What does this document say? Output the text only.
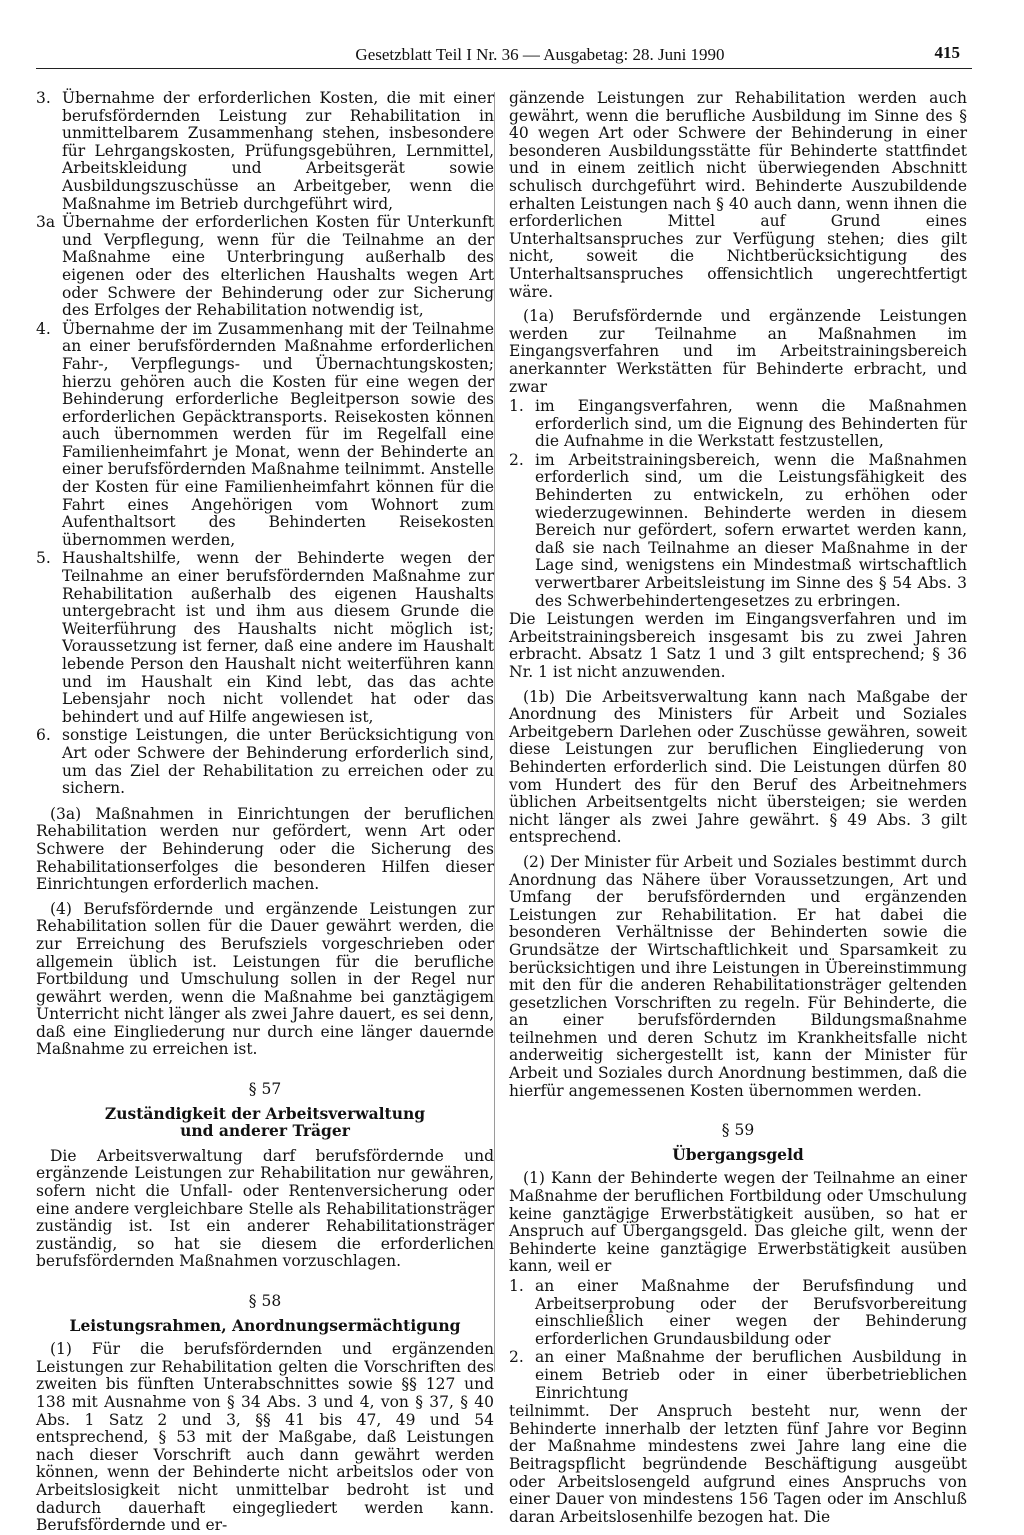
Gesetzblatt Teil I Nr. 36 — Ausgabetag: 28. Juni 1990	415
3. Übernahme der erforderlichen Kosten, die mit einer berufsfördernden Leistung zur Rehabilitation in unmittelbarem Zusammenhang stehen, insbesondere für Lehrgangskosten, Prüfungsgebühren, Lernmittel, Arbeitskleidung und Arbeitsgerät sowie Ausbildungszuschüsse an Arbeitgeber, wenn die Maßnahme im Betrieb durchgeführt wird,
3a Übernahme der erforderlichen Kosten für Unterkunft und Verpflegung, wenn für die Teilnahme an der Maßnahme eine Unterbringung außerhalb des eigenen oder des elterlichen Haushalts wegen Art oder Schwere der Behinderung oder zur Sicherung des Erfolges der Rehabilitation notwendig ist,
4. Übernahme der im Zusammenhang mit der Teilnahme an einer berufsfördernden Maßnahme erforderlichen Fahr-, Verpflegungs- und Übernachtungskosten; hierzu gehören auch die Kosten für eine wegen der Behinderung erforderliche Begleitperson sowie des erforderlichen Gepäcktransports. Reisekosten können auch übernommen werden für im Regelfall eine Familienheimfahrt je Monat, wenn der Behinderte an einer berufsfördernden Maßnahme teilnimmt. Anstelle der Kosten für eine Familienheimfahrt können für die Fahrt eines Angehörigen vom Wohnort zum Aufenthaltsort des Behinderten Reisekosten übernommen werden,
5. Haushaltshilfe, wenn der Behinderte wegen der Teilnahme an einer berufsfördernden Maßnahme zur Rehabilitation außerhalb des eigenen Haushalts untergebracht ist und ihm aus diesem Grunde die Weiterführung des Haushalts nicht möglich ist; Voraussetzung ist ferner, daß eine andere im Haushalt lebende Person den Haushalt nicht weiterführen kann und im Haushalt ein Kind lebt, das das achte Lebensjahr noch nicht vollendet hat oder das behindert und auf Hilfe angewiesen ist,
6. sonstige Leistungen, die unter Berücksichtigung von Art oder Schwere der Behinderung erforderlich sind, um das Ziel der Rehabilitation zu erreichen oder zu sichern.

(3a) Maßnahmen in Einrichtungen der beruflichen Rehabilitation werden nur gefördert, wenn Art oder Schwere der Behinderung oder die Sicherung des Rehabilitationserfolges die besonderen Hilfen dieser Einrichtungen erforderlich machen.

(4) Berufsfördernde und ergänzende Leistungen zur Rehabilitation sollen für die Dauer gewährt werden, die zur Erreichung des Berufsziels vorgeschrieben oder allgemein üblich ist. Leistungen für die berufliche Fortbildung und Umschulung sollen in der Regel nur gewährt werden, wenn die Maßnahme bei ganztägigem Unterricht nicht länger als zwei Jahre dauert, es sei denn, daß eine Eingliederung nur durch eine länger dauernde Maßnahme zu erreichen ist.

§ 57
Zuständigkeit der Arbeitsverwaltung
und anderer Träger

Die Arbeitsverwaltung darf berufsfördernde und ergänzende Leistungen zur Rehabilitation nur gewähren, sofern nicht die Unfall- oder Rentenversicherung oder eine andere vergleichbare Stelle als Rehabilitationsträger zuständig ist. Ist ein anderer Rehabilitationsträger zuständig, so hat sie diesem die erforderlichen berufsfördernden Maßnahmen vorzuschlagen.

§ 58
Leistungsrahmen, Anordnungsermächtigung

(1) Für die berufsfördernden und ergänzenden Leistungen zur Rehabilitation gelten die Vorschriften des zweiten bis fünften Unterabschnittes sowie §§ 127 und 138 mit Ausnahme von § 34 Abs. 3 und 4, von § 37, § 40 Abs. 1 Satz 2 und 3, §§ 41 bis 47, 49 und 54 entsprechend, § 53 mit der Maßgabe, daß Leistungen nach dieser Vorschrift auch dann gewährt werden können, wenn der Behinderte nicht arbeitslos oder von Arbeitslosigkeit nicht unmittelbar bedroht ist und dadurch dauerhaft eingegliedert werden kann. Berufsfördernde und er-

gänzende Leistungen zur Rehabilitation werden auch gewährt, wenn die berufliche Ausbildung im Sinne des § 40 wegen Art oder Schwere der Behinderung in einer besonderen Ausbildungsstätte für Behinderte stattfindet und in einem zeitlich nicht überwiegenden Abschnitt schulisch durchgeführt wird. Behinderte Auszubildende erhalten Leistungen nach § 40 auch dann, wenn ihnen die erforderlichen Mittel auf Grund eines Unterhaltsanspruches zur Verfügung stehen; dies gilt nicht, soweit die Nichtberücksichtigung des Unterhaltsanspruches offensichtlich ungerechtfertigt wäre.

(1a) Berufsfördernde und ergänzende Leistungen werden zur Teilnahme an Maßnahmen im Eingangsverfahren und im Arbeitstrainingsbereich anerkannter Werkstätten für Behinderte erbracht, und zwar

1. im Eingangsverfahren, wenn die Maßnahmen erforderlich sind, um die Eignung des Behinderten für die Aufnahme in die Werkstatt festzustellen,
2. im Arbeitstrainingsbereich, wenn die Maßnahmen erforderlich sind, um die Leistungsfähigkeit des Behinderten zu entwickeln, zu erhöhen oder wiederzugewinnen. Behinderte werden in diesem Bereich nur gefördert, sofern erwartet werden kann, daß sie nach Teilnahme an dieser Maßnahme in der Lage sind, wenigstens ein Mindestmaß wirtschaftlich verwertbarer Arbeitsleistung im Sinne des § 54 Abs. 3 des Schwerbehindertengesetzes zu erbringen.

Die Leistungen werden im Eingangsverfahren und im Arbeitstrainingsbereich insgesamt bis zu zwei Jahren erbracht. Absatz 1 Satz 1 und 3 gilt entsprechend; § 36 Nr. 1 ist nicht anzuwenden.

(1b) Die Arbeitsverwaltung kann nach Maßgabe der Anordnung des Ministers für Arbeit und Soziales Arbeitgebern Darlehen oder Zuschüsse gewähren, soweit diese Leistungen zur beruflichen Eingliederung von Behinderten erforderlich sind. Die Leistungen dürfen 80 vom Hundert des für den Beruf des Arbeitnehmers üblichen Arbeitsentgelts nicht übersteigen; sie werden nicht länger als zwei Jahre gewährt. § 49 Abs. 3 gilt entsprechend.

(2) Der Minister für Arbeit und Soziales bestimmt durch Anordnung das Nähere über Voraussetzungen, Art und Umfang der berufsfördernden und ergänzenden Leistungen zur Rehabilitation. Er hat dabei die besonderen Verhältnisse der Behinderten sowie die Grundsätze der Wirtschaftlichkeit und Sparsamkeit zu berücksichtigen und ihre Leistungen in Übereinstimmung mit den für die anderen Rehabilitationsträger geltenden gesetzlichen Vorschriften zu regeln. Für Behinderte, die an einer berufsfördernden Bildungsmaßnahme teilnehmen und deren Schutz im Krankheitsfalle nicht anderweitig sichergestellt ist, kann der Minister für Arbeit und Soziales durch Anordnung bestimmen, daß die hierfür angemessenen Kosten übernommen werden.

§ 59
Übergangsgeld

(1) Kann der Behinderte wegen der Teilnahme an einer Maßnahme der beruflichen Fortbildung oder Umschulung keine ganztägige Erwerbstätigkeit ausüben, so hat er Anspruch auf Übergangsgeld. Das gleiche gilt, wenn der Behinderte keine ganztägige Erwerbstätigkeit ausüben kann, weil er

1. an einer Maßnahme der Berufsfindung und Arbeitserprobung oder der Berufsvorbereitung einschließlich einer wegen der Behinderung erforderlichen Grundausbildung oder
2. an einer Maßnahme der beruflichen Ausbildung in einem Betrieb oder in einer überbetrieblichen Einrichtung

teilnimmt. Der Anspruch besteht nur, wenn der Behinderte innerhalb der letzten fünf Jahre vor Beginn der Maßnahme mindestens zwei Jahre lang eine die Beitragspflicht begründende Beschäftigung ausgeübt oder Arbeitslosengeld aufgrund eines Anspruchs von einer Dauer von mindestens 156 Tagen oder im Anschluß daran Arbeitslosenhilfe bezogen hat. Die
